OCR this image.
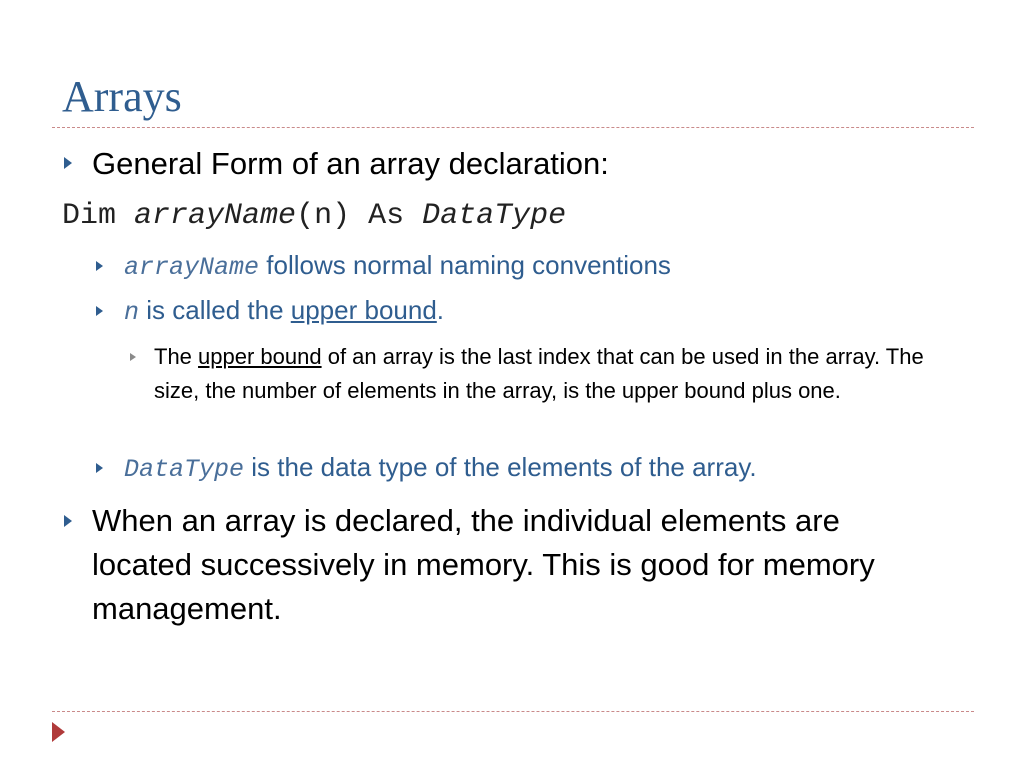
Arrays
General Form of an array declaration:
Dim arrayName(n) As DataType
arrayName follows normal naming conventions
n is called the upper bound.
The upper bound of an array is the last index that can be used in the array. The size, the number of elements in the array, is the upper bound plus one.
DataType is the data type of the elements of the array.
When an array is declared, the individual elements are
located successively in memory. This is good for memory
management.
